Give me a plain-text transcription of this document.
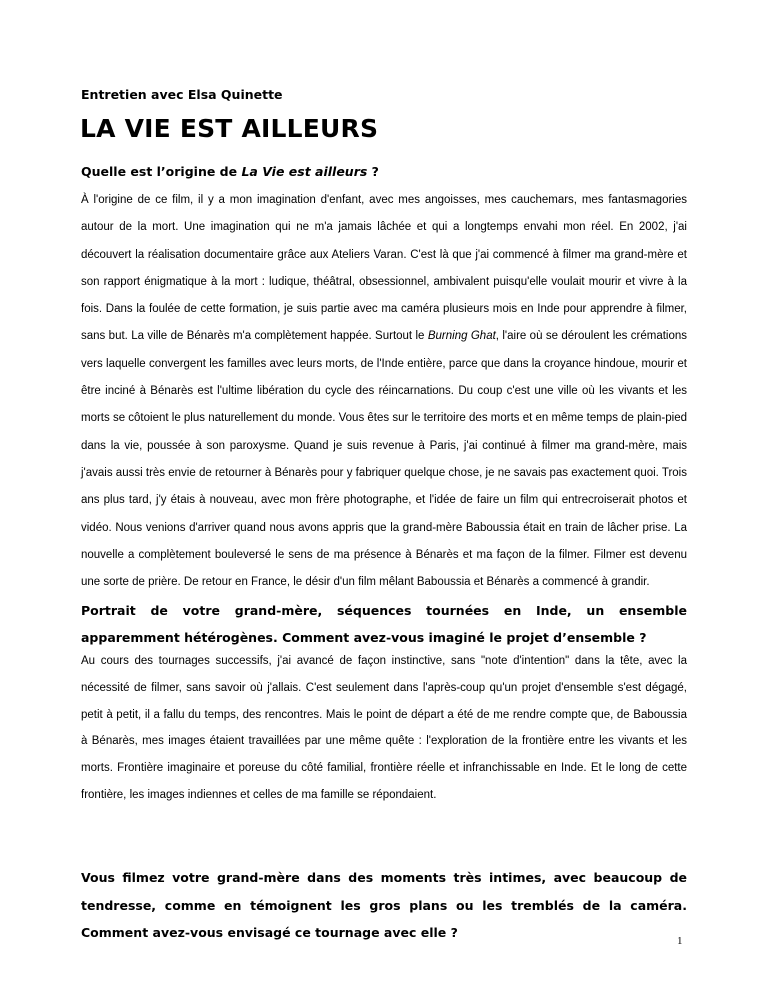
Entretien avec Elsa Quinette
LA VIE EST AILLEURS

Quelle est l’origine de La Vie est ailleurs ?

À l'origine de ce film, il y a mon imagination d'enfant, avec mes angoisses, mes cauchemars, mes fantasmagories autour de la mort. Une imagination qui ne m'a jamais lâchée et qui a longtemps envahi mon réel. En 2002, j'ai découvert la réalisation documentaire grâce aux Ateliers Varan. C'est là que j'ai commencé à filmer ma grand-mère et son rapport énigmatique à la mort : ludique, théâtral, obsessionnel, ambivalent puisqu'elle voulait mourir et vivre à la fois. Dans la foulée de cette formation, je suis partie avec ma caméra plusieurs mois en Inde pour apprendre à filmer, sans but. La ville de Bénarès m'a complètement happée. Surtout le Burning Ghat, l'aire où se déroulent les crémations vers laquelle convergent les familles avec leurs morts, de l'Inde entière, parce que dans la croyance hindoue, mourir et être inciné à Bénarès est l'ultime libération du cycle des réincarnations. Du coup c'est une ville où les vivants et les morts se côtoient le plus naturellement du monde. Vous êtes sur le territoire des morts et en même temps de plain-pied dans la vie, poussée à son paroxysme. Quand je suis revenue à Paris, j'ai continué à filmer ma grand-mère, mais j'avais aussi très envie de retourner à Bénarès pour y fabriquer quelque chose, je ne savais pas exactement quoi. Trois ans plus tard, j'y étais à nouveau, avec mon frère photographe, et l'idée de faire un film qui entrecroiserait photos et vidéo. Nous venions d'arriver quand nous avons appris que la grand-mère Baboussia était en train de lâcher prise. La nouvelle a complètement bouleversé le sens de ma présence à Bénarès et ma façon de la filmer. Filmer est devenu une sorte de prière. De retour en France, le désir d'un film mêlant Baboussia et Bénarès a commencé à grandir.

Portrait de votre grand-mère, séquences tournées en Inde, un ensemble apparemment hétérogènes. Comment avez-vous imaginé le projet d’ensemble ?

Au cours des tournages successifs, j'ai avancé de façon instinctive, sans "note d'intention" dans la tête, avec la nécessité de filmer, sans savoir où j'allais. C'est seulement dans l'après-coup qu'un projet d'ensemble s'est dégagé, petit à petit, il a fallu du temps, des rencontres. Mais le point de départ a été de me rendre compte que, de Baboussia à Bénarès, mes images étaient travaillées par une même quête : l'exploration de la frontière entre les vivants et les morts. Frontière imaginaire et poreuse du côté familial, frontière réelle et infranchissable en Inde. Et le long de cette frontière, les images indiennes et celles de ma famille se répondaient.

Vous filmez votre grand-mère dans des moments très intimes, avec beaucoup de tendresse, comme en témoignent les gros plans ou les tremblés de la caméra. Comment avez-vous envisagé ce tournage avec elle ?

1
